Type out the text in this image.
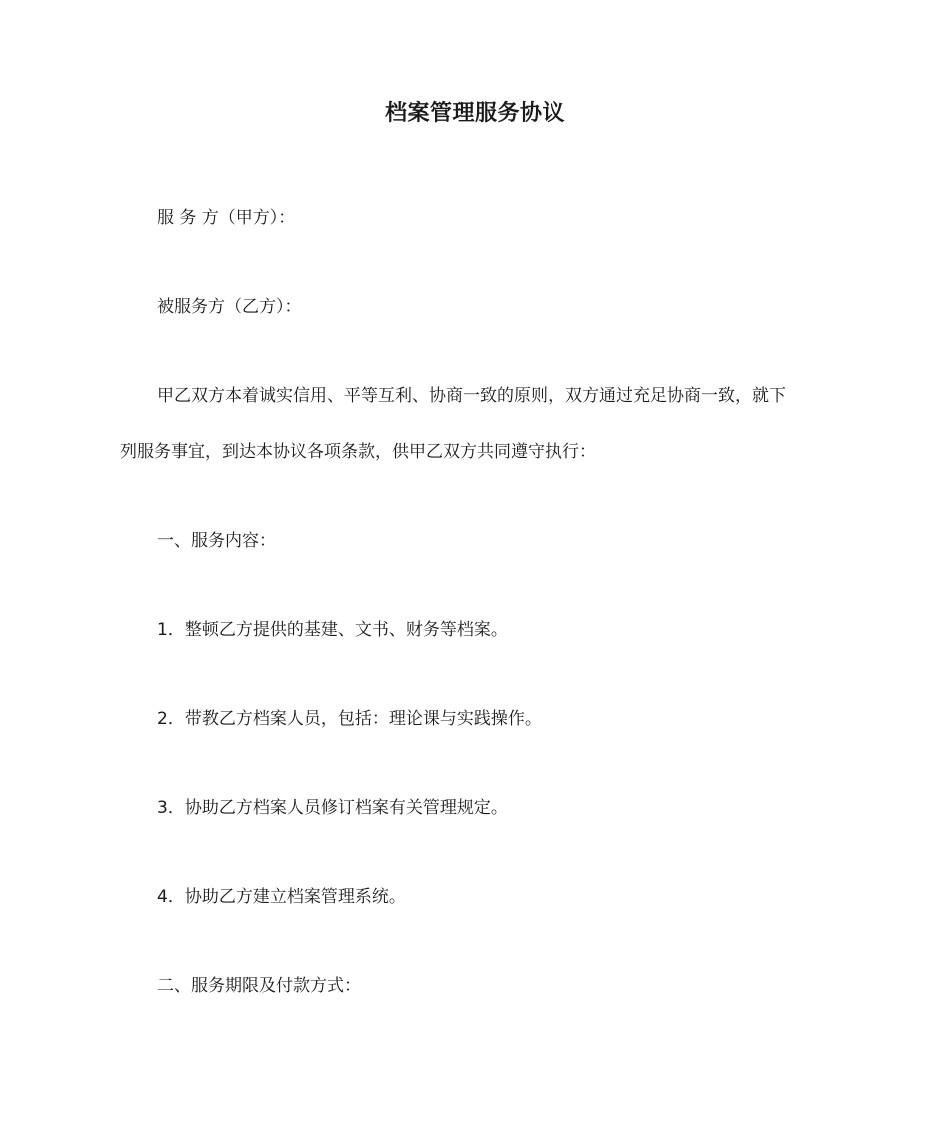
档案管理服务协议
服 务 方（甲方）：
被服务方（乙方）：
甲乙双方本着诚实信用、平等互利、协商一致的原则，双方通过充足协商一致，就下
列服务事宜，到达本协议各项条款，供甲乙双方共同遵守执行：
一、服务内容：
1．整顿乙方提供的基建、文书、财务等档案。
2．带教乙方档案人员，包括：理论课与实践操作。
3．协助乙方档案人员修订档案有关管理规定。
4．协助乙方建立档案管理系统。
二、服务期限及付款方式：
